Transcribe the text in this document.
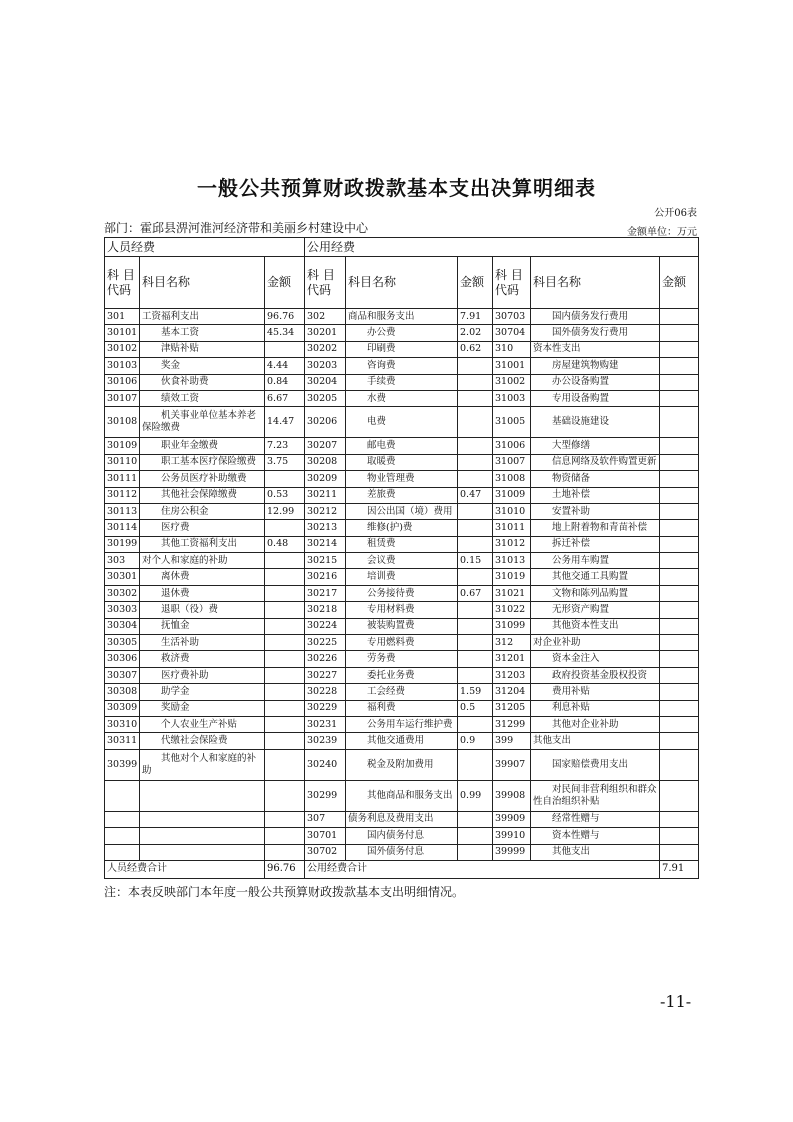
一般公共预算财政拨款基本支出决算明细表
公开06表
部门：霍邱县淠河淮河经济带和美丽乡村建设中心	金额单位：万元
人员经费			公用经费					
科 目代码	科目名称	金额	科 目代码	科目名称	金额	科 目代码	科目名称	金额
301	工资福利支出	96.76	302	商品和服务支出	7.91	30703	国内债务发行费用	
30101	基本工资	45.34	30201	办公费	2.02	30704	国外债务发行费用	
30102	津贴补贴		30202	印刷费	0.62	310	资本性支出	
30103	奖金	4.44	30203	咨询费		31001	房屋建筑物购建	
30106	伙食补助费	0.84	30204	手续费		31002	办公设备购置	
30107	绩效工资	6.67	30205	水费		31003	专用设备购置	
30108	机关事业单位基本养老保险缴费	14.47	30206	电费		31005	基础设施建设	
30109	职业年金缴费	7.23	30207	邮电费		31006	大型修缮	
30110	职工基本医疗保险缴费	3.75	30208	取暖费		31007	信息网络及软件购置更新	
30111	公务员医疗补助缴费		30209	物业管理费		31008	物资储备	
30112	其他社会保障缴费	0.53	30211	差旅费	0.47	31009	土地补偿	
30113	住房公积金	12.99	30212	因公出国（境）费用		31010	安置补助	
30114	医疗费		30213	维修(护)费		31011	地上附着物和青苗补偿	
30199	其他工资福利支出	0.48	30214	租赁费		31012	拆迁补偿	
303	对个人和家庭的补助		30215	会议费	0.15	31013	公务用车购置	
30301	离休费		30216	培训费		31019	其他交通工具购置	
30302	退休费		30217	公务接待费	0.67	31021	文物和陈列品购置	
30303	退职（役）费		30218	专用材料费		31022	无形资产购置	
30304	抚恤金		30224	被装购置费		31099	其他资本性支出	
30305	生活补助		30225	专用燃料费		312	对企业补助	
30306	救济费		30226	劳务费		31201	资本金注入	
30307	医疗费补助		30227	委托业务费		31203	政府投资基金股权投资	
30308	助学金		30228	工会经费	1.59	31204	费用补贴	
30309	奖励金		30229	福利费	0.5	31205	利息补贴	
30310	个人农业生产补贴		30231	公务用车运行维护费		31299	其他对企业补助	
30311	代缴社会保险费		30239	其他交通费用	0.9	399	其他支出	
30399	其他对个人和家庭的补助		30240	税金及附加费用		39907	国家赔偿费用支出	
			30299	其他商品和服务支出	0.99	39908	对民间非营利组织和群众性自治组织补贴	
			307	债务利息及费用支出		39909	经常性赠与	
			30701	国内债务付息		39910	资本性赠与	
			30702	国外债务付息		39999	其他支出	
人员经费合计		96.76	公用经费合计					7.91
注：本表反映部门本年度一般公共预算财政拨款基本支出明细情况。
-11-
